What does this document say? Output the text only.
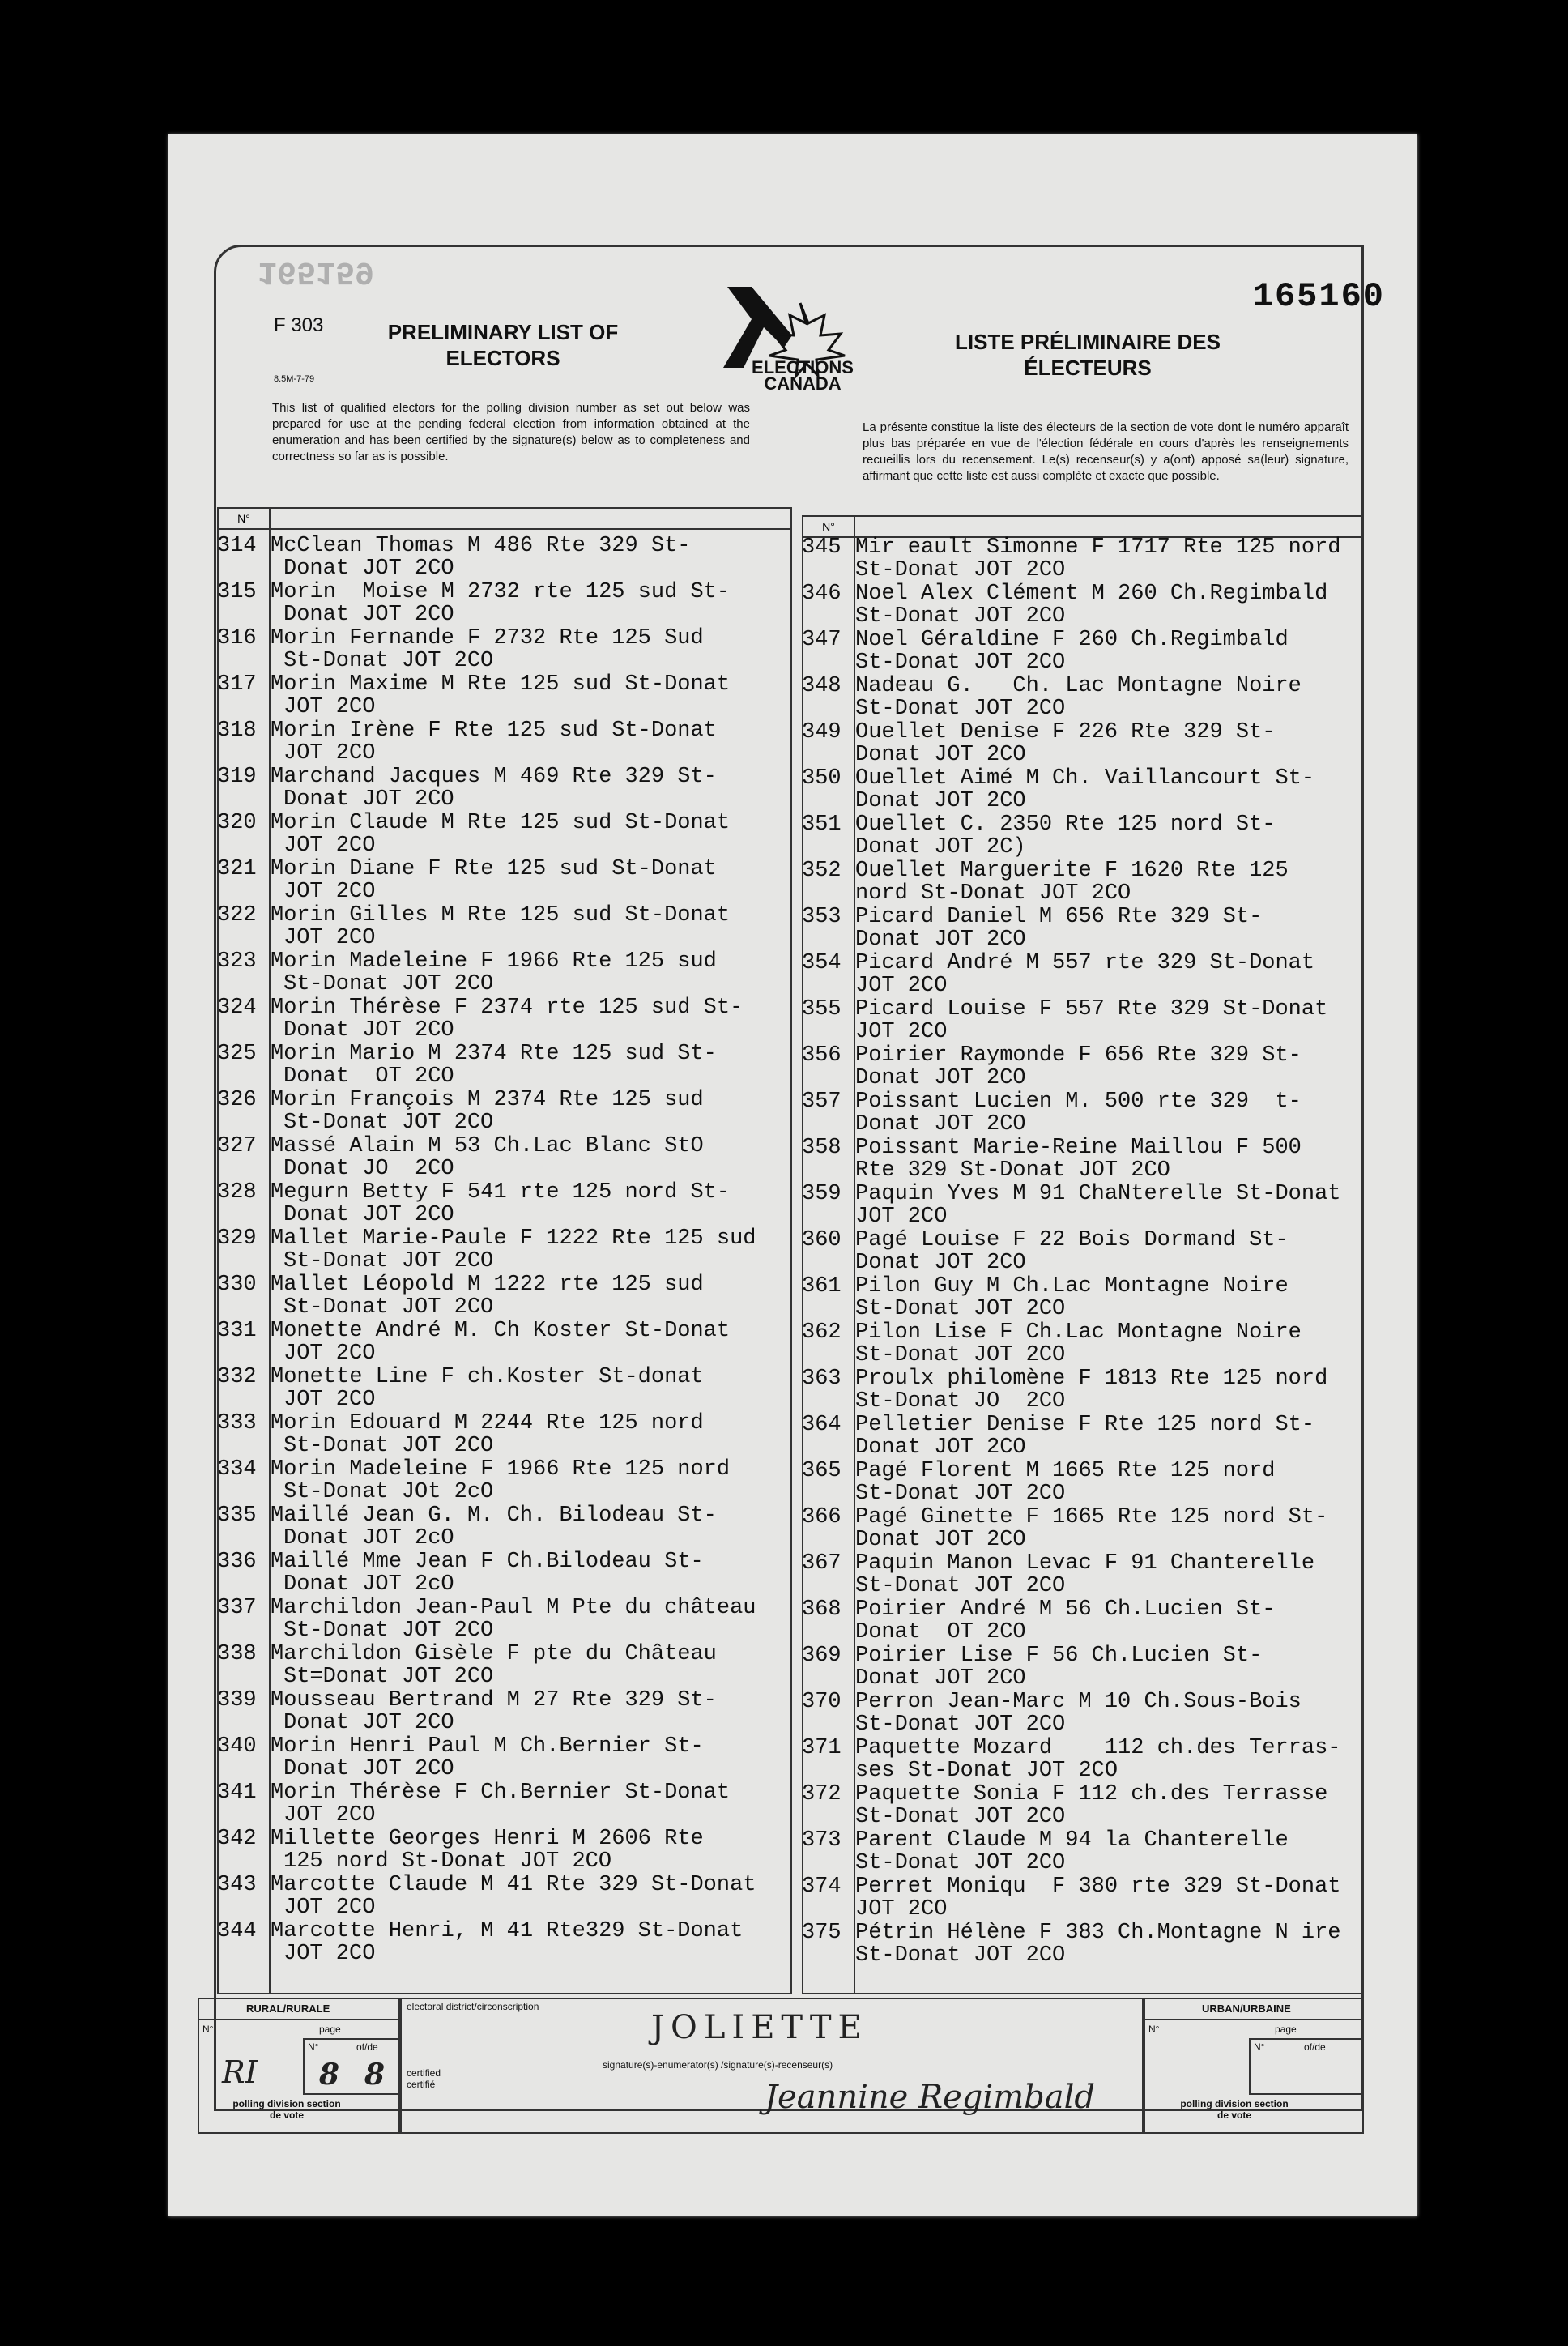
165159
165160
F 303
8.5M-7-79
PRELIMINARY LIST OF ELECTORS	ELECTIONS CANADA
LISTE PRÉLIMINAIRE DES ÉLECTEURS
This list of qualified electors for the polling division number as set out below was prepared for use at the pending federal election from information obtained at the enumeration and has been certified by the signature(s) below as to completeness and correctness so far as is possible.
La présente constitue la liste des électeurs de la section de vote dont le numéro apparaît plus bas préparée en vue de l'élection fédérale en cours d'après les renseignements recueillis lors du recensement. Le(s) recenseur(s) y a(ont) apposé sa(leur) signature, affirmant que cette liste est aussi complète et exacte que possible.
N°
N°
314 McClean Thomas M 486 Rte 329 St-
Donat JOT 2CO
315 Morin  Moise M 2732 rte 125 sud St-
Donat JOT 2CO
316 Morin Fernande F 2732 Rte 125 Sud
St-Donat JOT 2CO
317 Morin Maxime M Rte 125 sud St-Donat
JOT 2CO
318 Morin Irène F Rte 125 sud St-Donat
JOT 2CO
319 Marchand Jacques M 469 Rte 329 St-
Donat JOT 2CO
320 Morin Claude M Rte 125 sud St-Donat
JOT 2CO
321 Morin Diane F Rte 125 sud St-Donat
JOT 2CO
322 Morin Gilles M Rte 125 sud St-Donat
JOT 2CO
323 Morin Madeleine F 1966 Rte 125 sud
St-Donat JOT 2CO
324 Morin Thérèse F 2374 rte 125 sud St-
Donat JOT 2CO
325 Morin Mario M 2374 Rte 125 sud St-
Donat  OT 2CO
326 Morin François M 2374 Rte 125 sud
St-Donat JOT 2CO
327 Massé Alain M 53 Ch.Lac Blanc StO
Donat JO  2CO
328 Megurn Betty F 541 rte 125 nord St-
Donat JOT 2CO
329 Mallet Marie-Paule F 1222 Rte 125 sud
St-Donat JOT 2CO
330 Mallet Léopold M 1222 rte 125 sud
St-Donat JOT 2CO
331 Monette André M. Ch Koster St-Donat
JOT 2CO
332 Monette Line F ch.Koster St-donat
JOT 2CO
333 Morin Edouard M 2244 Rte 125 nord
St-Donat JOT 2CO
334 Morin Madeleine F 1966 Rte 125 nord
St-Donat JOt 2cO
335 Maillé Jean G. M. Ch. Bilodeau St-
Donat JOT 2cO
336 Maillé Mme Jean F Ch.Bilodeau St-
Donat JOT 2cO
337 Marchildon Jean-Paul M Pte du château
St-Donat JOT 2CO
338 Marchildon Gisèle F pte du Château
St=Donat JOT 2CO
339 Mousseau Bertrand M 27 Rte 329 St-
Donat JOT 2CO
340 Morin Henri Paul M Ch.Bernier St-
Donat JOT 2CO
341 Morin Thérèse F Ch.Bernier St-Donat
JOT 2CO
342 Millette Georges Henri M 2606 Rte
125 nord St-Donat JOT 2CO
343 Marcotte Claude M 41 Rte 329 St-Donat
JOT 2CO
344 Marcotte Henri, M 41 Rte329 St-Donat
JOT 2CO
345 Mir eault Simonne F 1717 Rte 125 nord
St-Donat JOT 2CO
346 Noel Alex Clément M 260 Ch.Regimbald
St-Donat JOT 2CO
347 Noel Géraldine F 260 Ch.Regimbald
St-Donat JOT 2CO
348 Nadeau G.   Ch. Lac Montagne Noire
St-Donat JOT 2CO
349 Ouellet Denise F 226 Rte 329 St-
Donat JOT 2CO
350 Ouellet Aimé M Ch. Vaillancourt St-
Donat JOT 2CO
351 Ouellet C. 2350 Rte 125 nord St-
Donat JOT 2C)
352 Ouellet Marguerite F 1620 Rte 125
nord St-Donat JOT 2CO
353 Picard Daniel M 656 Rte 329 St-
Donat JOT 2CO
354 Picard André M 557 rte 329 St-Donat
JOT 2CO
355 Picard Louise F 557 Rte 329 St-Donat
JOT 2CO
356 Poirier Raymonde F 656 Rte 329 St-
Donat JOT 2CO
357 Poissant Lucien M. 500 rte 329  t-
Donat JOT 2CO
358 Poissant Marie-Reine Maillou F 500
Rte 329 St-Donat JOT 2CO
359 Paquin Yves M 91 ChaNterelle St-Donat
JOT 2CO
360 Pagé Louise F 22 Bois Dormand St-
Donat JOT 2CO
361 Pilon Guy M Ch.Lac Montagne Noire
St-Donat JOT 2CO
362 Pilon Lise F Ch.Lac Montagne Noire
St-Donat JOT 2CO
363 Proulx philomène F 1813 Rte 125 nord
St-Donat JO  2CO
364 Pelletier Denise F Rte 125 nord St-
Donat JOT 2CO
365 Pagé Florent M 1665 Rte 125 nord
St-Donat JOT 2CO
366 Pagé Ginette F 1665 Rte 125 nord St-
Donat JOT 2CO
367 Paquin Manon Levac F 91 Chanterelle
St-Donat JOT 2CO
368 Poirier André M 56 Ch.Lucien St-
Donat  OT 2CO
369 Poirier Lise F 56 Ch.Lucien St-
Donat JOT 2CO
370 Perron Jean-Marc M 10 Ch.Sous-Bois
St-Donat JOT 2CO
371 Paquette Mozard    112 ch.des Terras-
ses St-Donat JOT 2CO
372 Paquette Sonia F 112 ch.des Terrasse
St-Donat JOT 2CO
373 Parent Claude M 94 la Chanterelle
St-Donat JOT 2CO
374 Perret Moniqu  F 380 rte 329 St-Donat
JOT 2CO
375 Pétrin Hélène F 383 Ch.Montagne N ire
St-Donat JOT 2CO
RURAL/RURALE
N°	page
N°	of/de
RI 8 8
polling division section de vote
electoral district/circonscription
JOLIETTE
certified certifié
signature(s)-enumerator(s) /signature(s)-recenseur(s)
Jeannine Regimbald
URBAN/URBAINE
N°	page
N°	of/de
polling division section de vote
